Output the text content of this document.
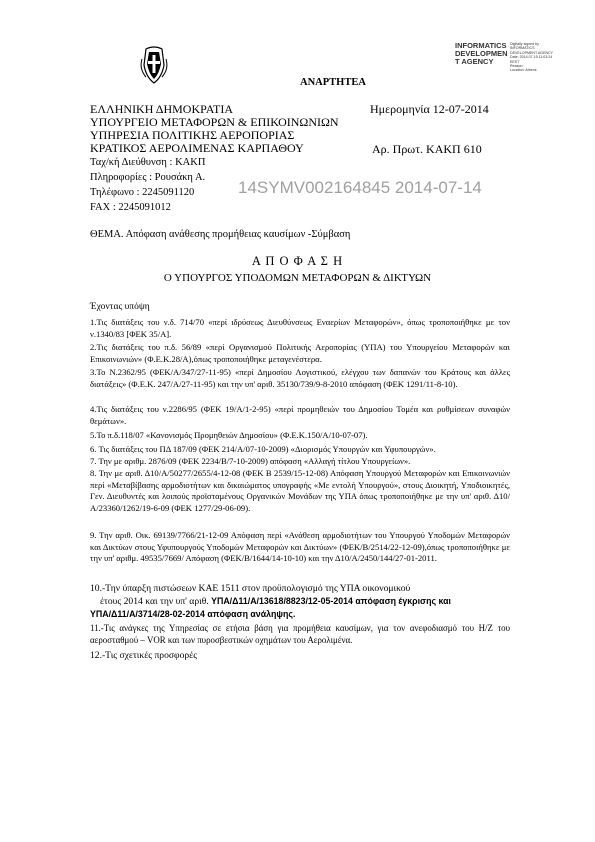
INFORMATICS
DEVELOPMEN
T AGENCY
Digitally signed by
INFORMATICS
DEVELOPMENT AGENCY
Date: 2014.07.15 11:03:24
EEST
Reason:
Location: Athens
ΑΝΑΡΤΗΤΕΑ
ΕΛΛΗΝΙΚΗ ΔΗΜΟΚΡΑΤΙΑ
ΥΠΟΥΡΓΕΙΟ ΜΕΤΑΦΟΡΩΝ & ΕΠΙΚΟΙΝΩΝΙΩΝ
ΥΠΗΡΕΣΙΑ ΠΟΛΙΤΙΚΗΣ ΑΕΡΟΠΟΡΙΑΣ
ΚΡΑΤΙΚΟΣ ΑΕΡΟΛΙΜΕΝΑΣ ΚΑΡΠΑΘΟΥ
Ημερομηνία 12-07-2014
Αρ. Πρωτ. ΚΑΚΠ 610
Ταχ/κή Διεύθυνση : ΚΑΚΠ
Πληροφορίες : Ρουσάκη Α.
Τηλέφωνο : 2245091120
FAX : 2245091012
14SYMV002164845 2014-07-14
ΘΕΜΑ. Απόφαση ανάθεσης προμήθειας καυσίμων -Σύμβαση
Α Π Ο Φ Α Σ Η
Ο ΥΠΟΥΡΓΟΣ ΥΠΟΔΟΜΩΝ ΜΕΤΑΦΟΡΩΝ & ΔΙΚΤΥΩΝ
Έχοντας υπόψη
1.Τις διατάξεις του ν.δ. 714/70 «περί ιδρύσεως Διευθύνσεως Εναερίων Μεταφορών», όπως τροποποιήθηκε με τον ν.1340/83 [ΦΕΚ 35/Α].
2.Τις διατάξεις του π.δ. 56/89 «περί Οργανισμού Πολιτικής Αεροπορίας (ΥΠΑ) του Υπουργείου Μεταφορών και Επικοινωνιών» (Φ.Ε.Κ.28/Α),όπως τροποποιήθηκε μεταγενέστερα.
3.Το Ν.2362/95 (ΦΕΚ/Α/347/27-11-95) «περί Δημοσίου Λογιστικού, ελέγχου των δαπανών του Κράτους και άλλες διατάξεις» (Φ.Ε.Κ. 247/Α/27-11-95) και την υπ' αριθ. 35130/739/9-8-2010 απόφαση (ΦΕΚ 1291/11-8-10).
4.Τις διατάξεις του ν.2286/95 (ΦΕΚ 19/Α/1-2-95) «περί προμηθειών του Δημοσίου Τομέα και ρυθμίσεων συναφών θεμάτων».
5.Το π.δ.118/07 «Κανονισμός Προμηθειών Δημοσίου» (Φ.Ε.Κ.150/Α/10-07-07).
6. Τις διατάξεις του ΠΔ 187/09 (ΦΕΚ 214/Α/07-10-2009) «Διορισμός Υπουργών και Υφυπουργών».
7. Την με αριθμ. 2876/09 (ΦΕΚ 2234/Β/7-10-2009) απόφαση «Αλλαγή τίτλου Υπουργείων».
8. Την με αριθ. Δ10/Α/50277/2655/4-12-08 (ΦΕΚ Β 2539/15-12-08) Απόφαση Υπουργού Μεταφορών και Επικοινωνιών περί «Μεταβίβασης αρμοδιοτήτων και δικαιώματος υπογραφής «Με εντολή Υπουργού», στους Διοικητή, Υποδιοικητές, Γεν. Διευθυντές και λοιπούς προϊσταμένους Οργανικών Μονάδων της ΥΠΑ όπως τροποποιήθηκε με την υπ' αριθ. Δ10/Α/23360/1262/19-6-09 (ΦΕΚ 1277/29-06-09).
9. Την αριθ. Οικ. 69139/7766/21-12-09 Απόφαση περί «Ανάθεση αρμοδιοτήτων του Υπουργού Υποδομών Μεταφορών και Δικτύων στους Υφυπουργούς Υποδομών Μεταφορών και Δικτύων» (ΦΕΚ/Β/2514/22-12-09),όπως τροποποιήθηκε με την υπ' αριθμ. 49535/7669/ Απόφαση (ΦΕΚ/Β/1644/14-10-10) και την Δ10/Α/2450/144/27-01-2011.
10.-Την ύπαρξη πιστώσεων ΚΑΕ 1511 στον προϋπολογισμό της ΥΠΑ οικονομικού
έτους 2014 και την υπ' αριθ. ΥΠΑ/Δ11/Α/13618/8823/12-05-2014 απόφαση έγκρισης και
ΥΠΑ/Δ11/Α/3714/28-02-2014 απόφαση ανάληψης.
11.-Τις ανάγκες της Υπηρεσίας σε ετήσια βάση για προμήθεια καυσίμων, για τον ανεφοδιασμό του Η/Ζ του αεροσταθμού – VOR και των πυροσβεστικών οχημάτων του Αερολιμένα.
12.-Τις σχετικές προσφορές
